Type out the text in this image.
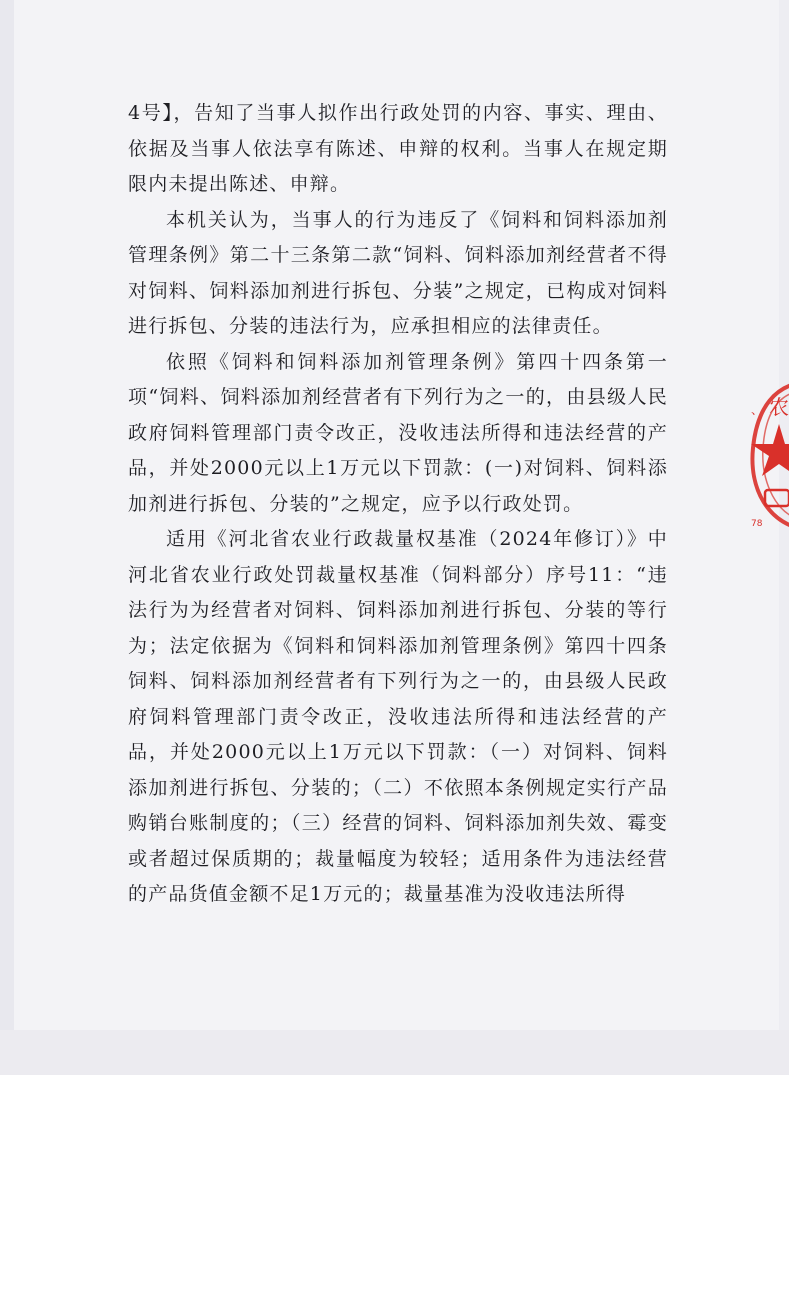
4号】，告知了当事人拟作出行政处罚的内容、事实、理由、依据及当事人依法享有陈述、申辩的权利。当事人在规定期限内未提出陈述、申辩。

本机关认为，当事人的行为违反了《饲料和饲料添加剂管理条例》第二十三条第二款“饲料、饲料添加剂经营者不得对饲料、饲料添加剂进行拆包、分装”之规定，已构成对饲料进行拆包、分装的违法行为，应承担相应的法律责任。

依照《饲料和饲料添加剂管理条例》第四十四条第一项“饲料、饲料添加剂经营者有下列行为之一的，由县级人民政府饲料管理部门责令改正，没收违法所得和违法经营的产品，并处2000元以上1万元以下罚款：(一)对饲料、饲料添加剂进行拆包、分装的”之规定，应予以行政处罚。

适用《河北省农业行政裁量权基准（2024年修订）》中河北省农业行政处罚裁量权基准（饲料部分）序号11：“违法行为为经营者对饲料、饲料添加剂进行拆包、分装的等行为；法定依据为《饲料和饲料添加剂管理条例》第四十四条饲料、饲料添加剂经营者有下列行为之一的，由县级人民政府饲料管理部门责令改正，没收违法所得和违法经营的产品，并处2000元以上1万元以下罚款：（一）对饲料、饲料添加剂进行拆包、分装的；（二）不依照本条例规定实行产品购销台账制度的；（三）经营的饲料、饲料添加剂失效、霉变或者超过保质期的；裁量幅度为较轻；适用条件为违法经营的产品货值金额不足1万元的；裁量基准为没收违法所得

农
、
78
